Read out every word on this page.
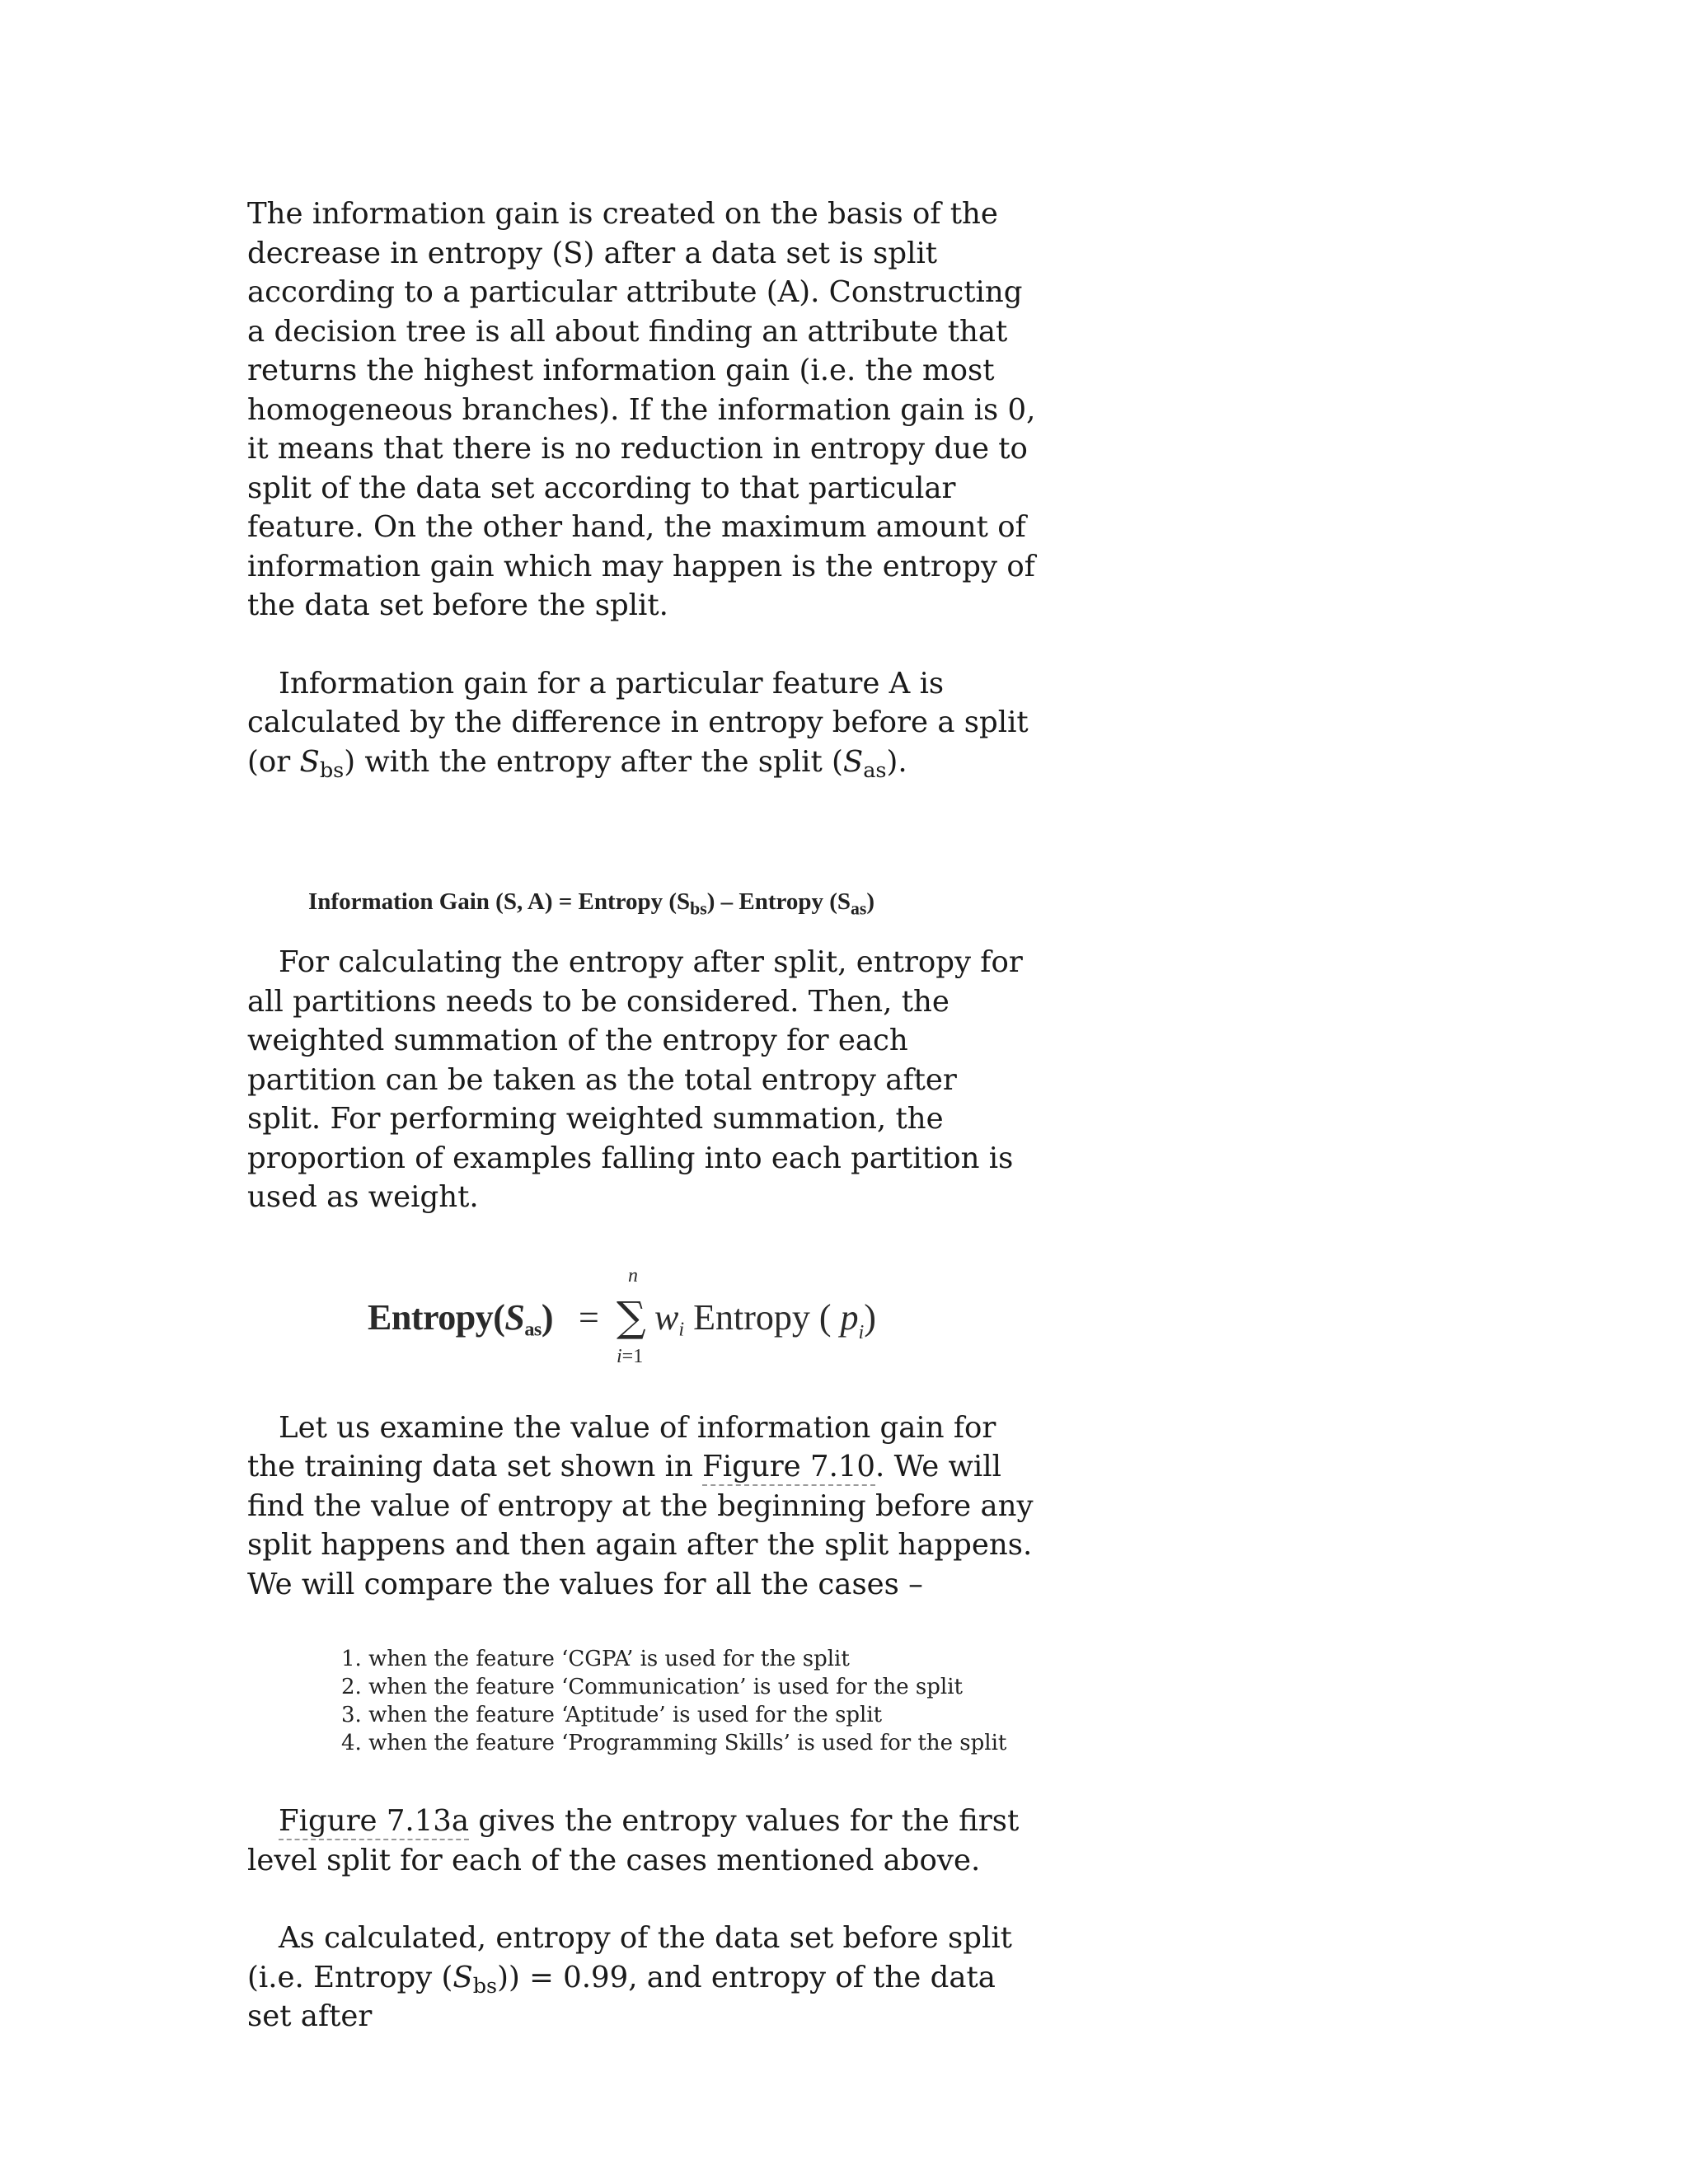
The information gain is created on the basis of the decrease in entropy (S) after a data set is split according to a particular attribute (A). Constructing a decision tree is all about finding an attribute that returns the highest information gain (i.e. the most homogeneous branches). If the information gain is 0, it means that there is no reduction in entropy due to split of the data set according to that particular feature. On the other hand, the maximum amount of information gain which may happen is the entropy of the data set before the split.

Information gain for a particular feature A is calculated by the difference in entropy before a split (or $S_{bs}$) with the entropy after the split $(S_{as})$.

Information Gain (S, A) = Entropy $(S_{bs})$ – Entropy $(S_{as})$

For calculating the entropy after split, entropy for all partitions needs to be considered. Then, the weighted summation of the entropy for each partition can be taken as the total entropy after split. For performing weighted summation, the proportion of examples falling into each partition is used as weight.

$Entropy(S_{as})$ =
n
∑
i=1
wi Entropy ( $p_i$)

Let us examine the value of information gain for the training data set shown in Figure 7.10. We will find the value of entropy at the beginning before any split happens and then again after the split happens. We will compare the values for all the cases –

1. when the feature ‘CGPA’ is used for the split
2. when the feature ‘Communication’ is used for the split
3. when the feature ‘Aptitude’ is used for the split
4. when the feature ‘Programming Skills’ is used for the split

Figure 7.13a gives the entropy values for the first level split for each of the cases mentioned above.

As calculated, entropy of the data set before split (i.e. Entropy $(S_{bs})) = 0.99$, and entropy of the data set after
